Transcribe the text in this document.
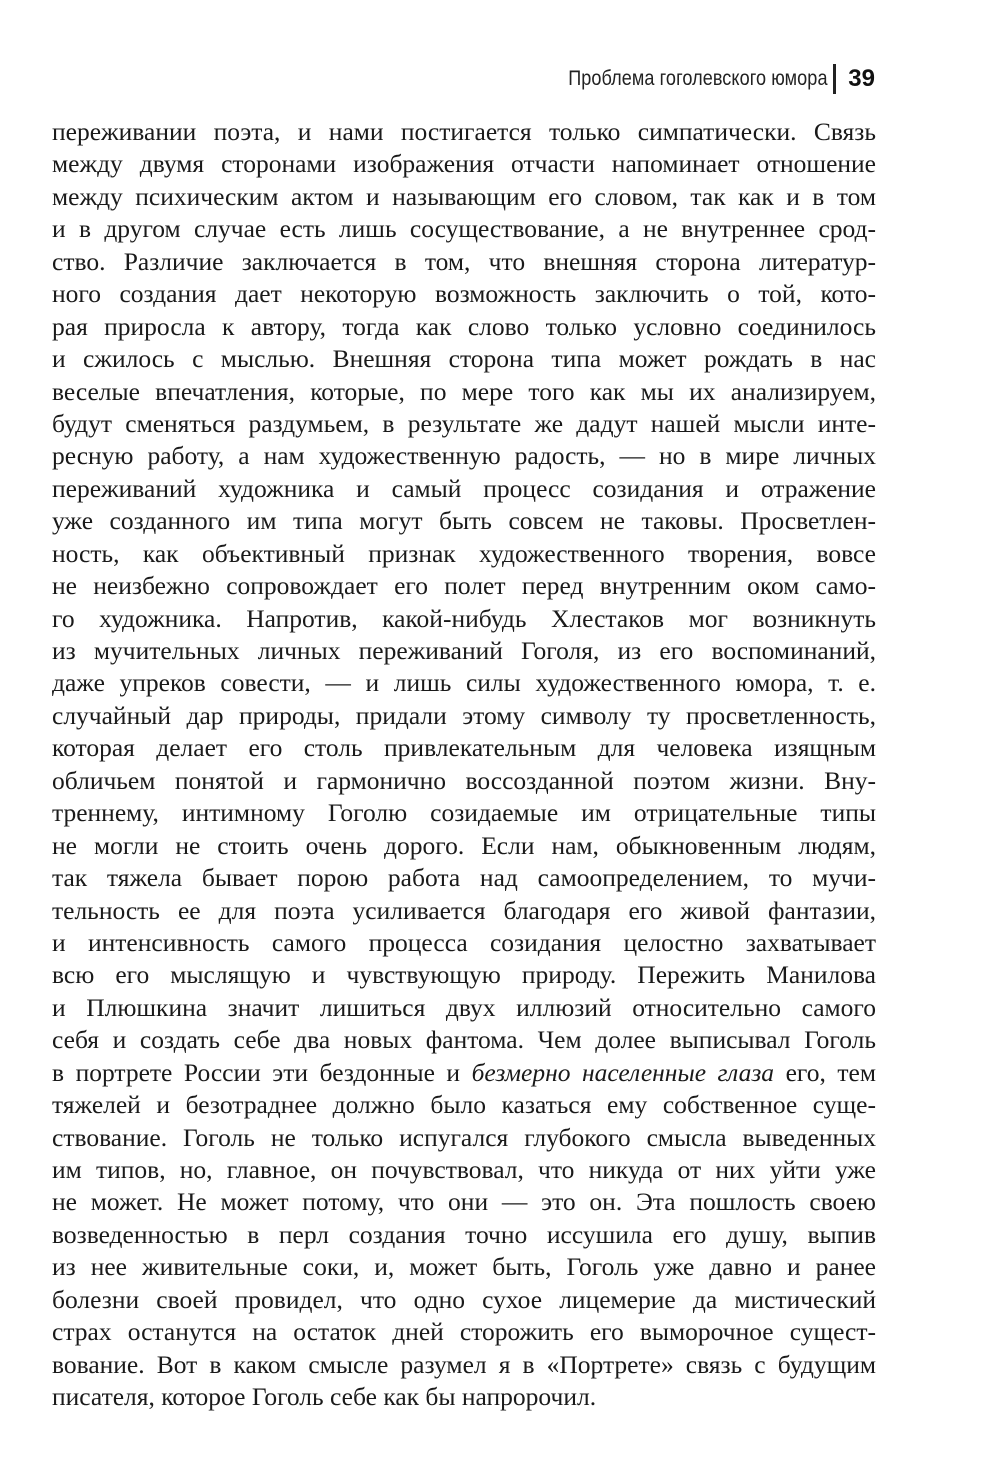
Проблема гоголевского юмора 39
переживании поэта, и нами постигается только симпатически. Связь
между двумя сторонами изображения отчасти напоминает отношение
между психическим актом и называющим его словом, так как и в том
и в другом случае есть лишь сосуществование, а не внутреннее срод-
ство. Различие заключается в том, что внешняя сторона литератур-
ного создания дает некоторую возможность заключить о той, кото-
рая приросла к автору, тогда как слово только условно соединилось
и сжилось с мыслью. Внешняя сторона типа может рождать в нас
веселые впечатления, которые, по мере того как мы их анализируем,
будут сменяться раздумьем, в результате же дадут нашей мысли инте-
ресную работу, а нам художественную радость, — но в мире личных
переживаний художника и самый процесс созидания и отражение
уже созданного им типа могут быть совсем не таковы. Просветлен-
ность, как объективный признак художественного творения, вовсе
не неизбежно сопровождает его полет перед внутренним оком само-
го художника. Напротив, какой-нибудь Хлестаков мог возникнуть
из мучительных личных переживаний Гоголя, из его воспоминаний,
даже упреков совести, — и лишь силы художественного юмора, т. е.
случайный дар природы, придали этому символу ту просветленность,
которая делает его столь привлекательным для человека изящным
обличьем понятой и гармонично воссозданной поэтом жизни. Вну-
треннему, интимному Гоголю созидаемые им отрицательные типы
не могли не стоить очень дорого. Если нам, обыкновенным людям,
так тяжела бывает порою работа над самоопределением, то мучи-
тельность ее для поэта усиливается благодаря его живой фантазии,
и интенсивность самого процесса созидания целостно захватывает
всю его мыслящую и чувствующую природу. Пережить Манилова
и Плюшкина значит лишиться двух иллюзий относительно самого
себя и создать себе два новых фантома. Чем долее выписывал Гоголь
в портрете России эти бездонные и безмерно населенные глаза его, тем
тяжелей и безотраднее должно было казаться ему собственное суще-
ствование. Гоголь не только испугался глубокого смысла выведенных
им типов, но, главное, он почувствовал, что никуда от них уйти уже
не может. Не может потому, что они — это он. Эта пошлость своею
возведенностью в перл создания точно иссушила его душу, выпив
из нее живительные соки, и, может быть, Гоголь уже давно и ранее
болезни своей провидел, что одно сухое лицемерие да мистический
страх останутся на остаток дней сторожить его выморочное сущест-
вование. Вот в каком смысле разумел я в «Портрете» связь с будущим
писателя, которое Гоголь себе как бы напророчил.
